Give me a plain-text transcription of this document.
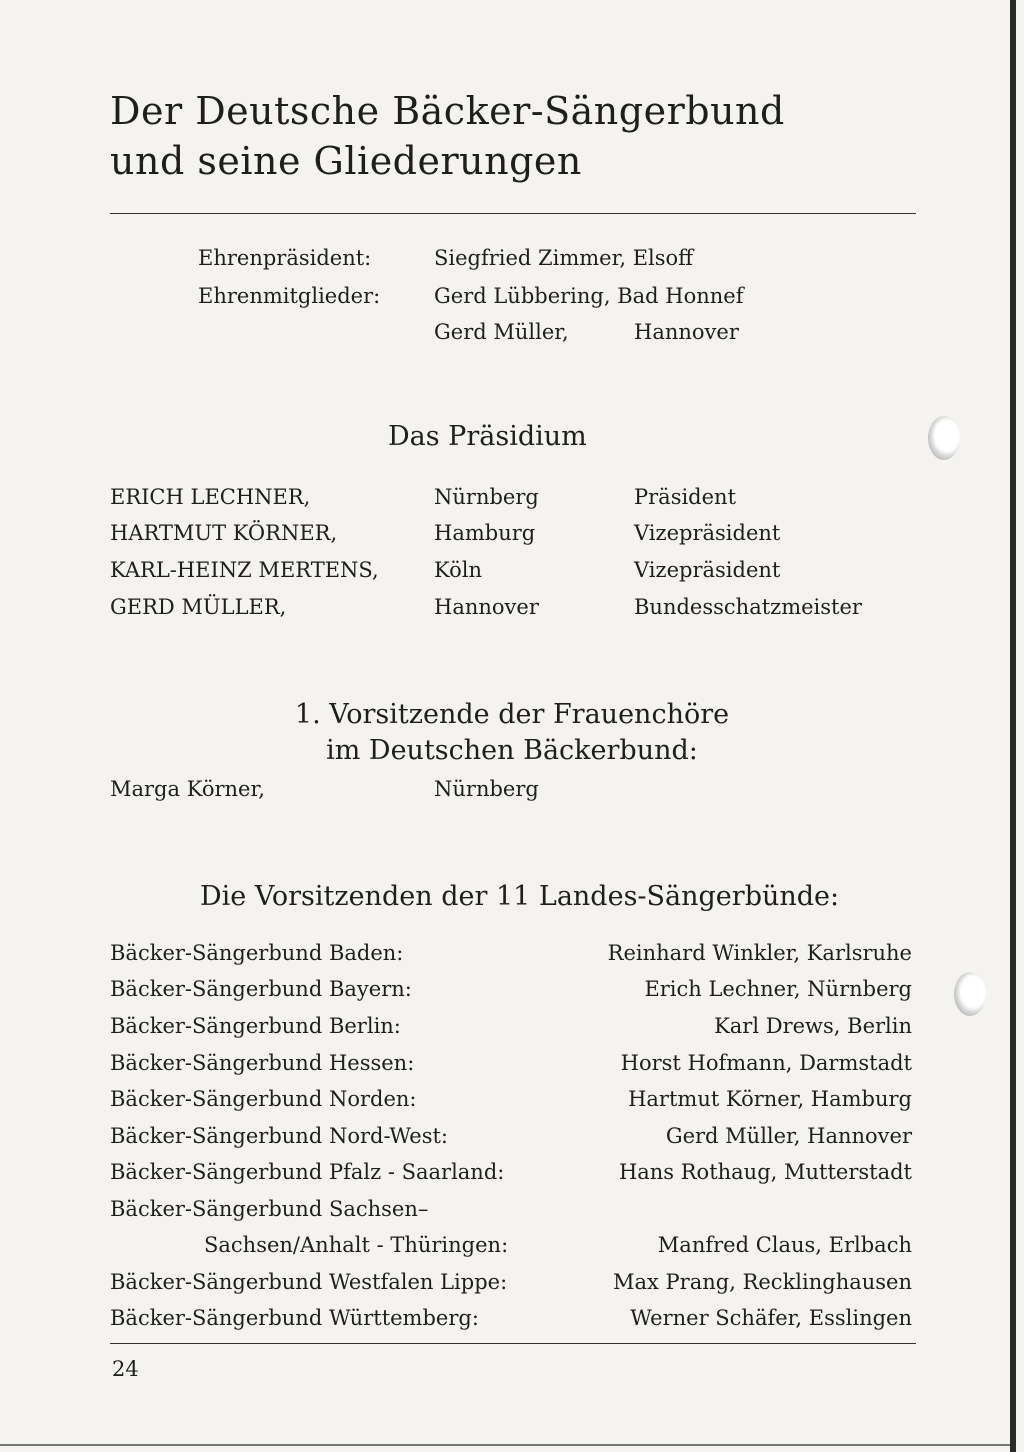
Der Deutsche Bäcker-Sängerbund
und seine Gliederungen
Ehrenpräsident:	Siegfried Zimmer, Elsoff
Ehrenmitglieder:	Gerd Lübbering, Bad Honnef
Gerd Müller,	Hannover
Das Präsidium
ERICH LECHNER,	Nürnberg	Präsident
HARTMUT KÖRNER,	Hamburg	Vizepräsident
KARL-HEINZ MERTENS,	Köln	Vizepräsident
GERD MÜLLER,	Hannover	Bundesschatzmeister
1. Vorsitzende der Frauenchöre
im Deutschen Bäckerbund:
Marga Körner,	Nürnberg
Die Vorsitzenden der 11 Landes-Sängerbünde:
Bäcker-Sängerbund Baden:	Reinhard Winkler, Karlsruhe
Bäcker-Sängerbund Bayern:	Erich Lechner, Nürnberg
Bäcker-Sängerbund Berlin:	Karl Drews, Berlin
Bäcker-Sängerbund Hessen:	Horst Hofmann, Darmstadt
Bäcker-Sängerbund Norden:	Hartmut Körner, Hamburg
Bäcker-Sängerbund Nord-West:	Gerd Müller, Hannover
Bäcker-Sängerbund Pfalz - Saarland:	Hans Rothaug, Mutterstadt
Bäcker-Sängerbund Sachsen–
Sachsen/Anhalt - Thüringen:	Manfred Claus, Erlbach
Bäcker-Sängerbund Westfalen Lippe:	Max Prang, Recklinghausen
Bäcker-Sängerbund Württemberg:	Werner Schäfer, Esslingen
24
